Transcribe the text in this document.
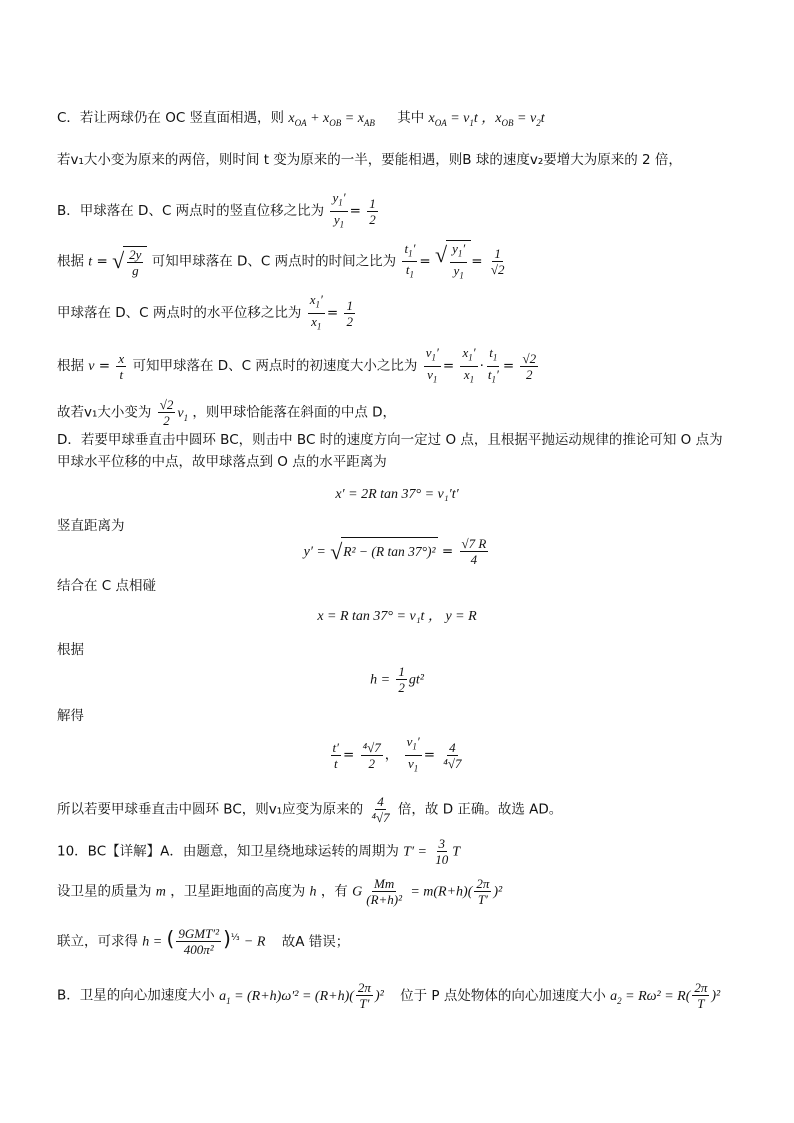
C．若让两球仍在 OC 竖直面相遇，则 $x_{OA} + x_{OB} = x_{AB}$ 其中 $x_{OA} = v_1t$ ，$x_{OB} = v_2t$
若v₁大小变为原来的两倍，则时间 t 变为原来的一半，要能相遇，则B 球的速度v₂要增大为原来的 2 倍，
B．甲球落在 D、C 两点时的竖直位移之比为 $\frac{y_1'}{y_1} = \frac{1}{2}$
根据 t = √ $\frac{2y}{g}$ 可知甲球落在 D、C 两点时的时间之比为 $\frac{t_1'}{t_1}$ = √ $\frac{y_1'}{y_1} = \frac{1}{√2}$
甲球落在 D、C 两点时的水平位移之比为 $\frac{x_1'}{x_1} = \frac{1}{2}$
根据 $v = \frac{x}{t}$ 可知甲球落在 D、C 两点时的初速度大小之比为 $\frac{v_1'}{v_1} = \frac{x_1'}{x_1} \cdot \frac{t_1}{t_1'} = \frac{√2}{2}$
故若v₁大小变为 $\frac{√2}{2} v_1$ ，则甲球恰能落在斜面的中点 D，
D．若要甲球垂直击中圆环 BC，则击中 BC 时的速度方向一定过 O 点，且根据平抛运动规律的推论可知 O 点为
甲球水平位移的中点，故甲球落点到 O 点的水平距离为
x′ = 2R tan 37° = v₁′t′
竖直距离为
y′ = √ R² − (R $\tan 37^\circ)^2 = \frac{√7 R}{4}$
结合在 C 点相碰
x = R tan 37° = v₁t ， y = R
根据
$h = \frac{1}{2} gt^2$
解得
$\frac{t'}{t} = \frac{\text{⁴√7}}{2}$ ， $\frac{v_1'}{v_1} = \frac{4}{\text{⁴√7}}$
所以若要甲球垂直击中圆环 BC，则v₁应变为原来的 $\frac{4}{\text{⁴√7}}$ 倍，故 D 正确。故选 AD。
10．BC【详解】A．由题意，知卫星绕地球运转的周期为 $T' = \frac{3}{10}$ T
设卫星的质量为 m ，卫星距地面的高度为 h ，有 G $\frac{Mm}{\text{(R+h)²}} = m(R+h)( \frac{2\pi}{T'} )^2$
联立，可求得 h = ( $\frac{\text{9GMT′²}}{\text{400π²}} )^{\frac{1}{3}} - R$ 故A 错误；
B．卫星的向心加速度大小 $a_1 = (R+h)\omega'^2 = (R+h)( \frac{2\pi}{T'} )^2$ 位于 P 点处物体的向心加速度大小 $a_2 = R\omega^2 = R( \frac{2\pi}{T} )^2$
